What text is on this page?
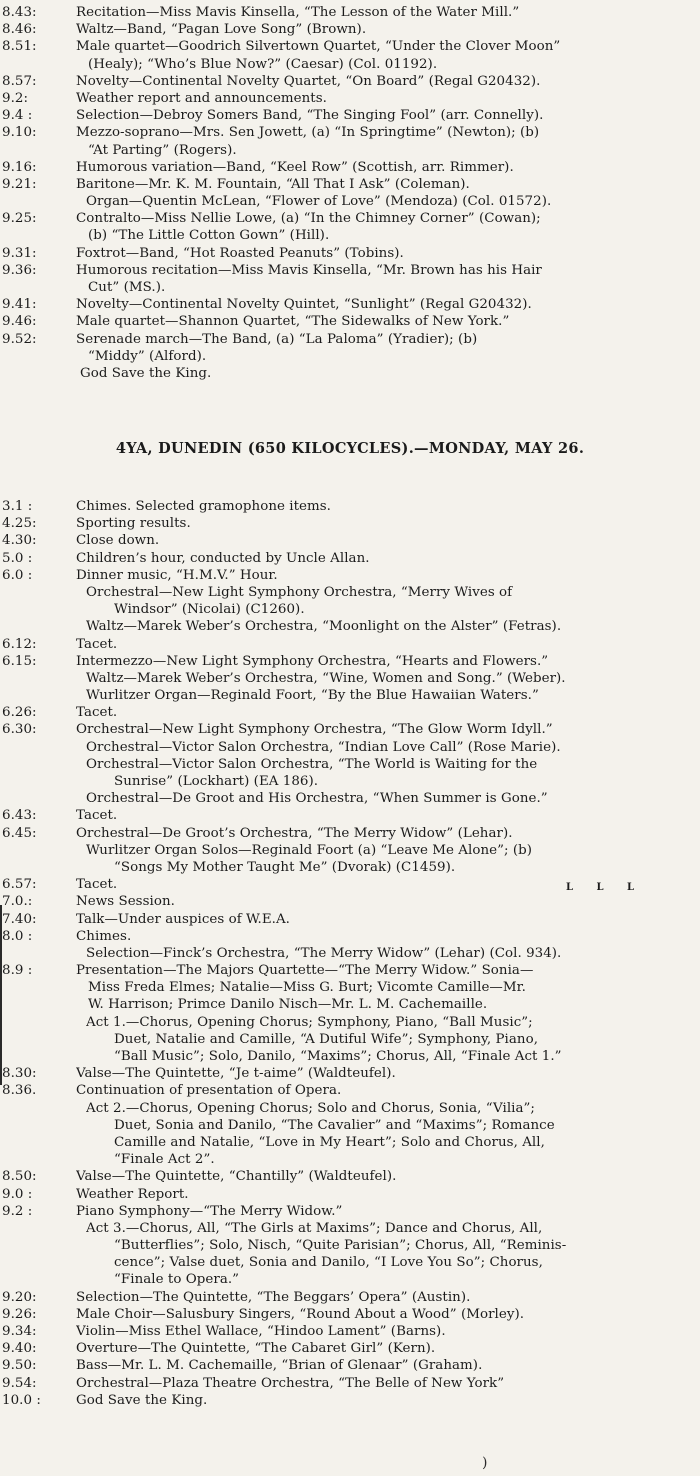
8.43:	Recitation—Miss Mavis Kinsella, “The Lesson of the Water Mill.”
8.46:	Waltz—Band, “Pagan Love Song” (Brown).
8.51:	Male quartet—Goodrich Silvertown Quartet, “Under the Clover Moon”
(Healy); “Who’s Blue Now?” (Caesar) (Col. 01192).
8.57:	Novelty—Continental Novelty Quartet, “On Board” (Regal G20432).
9.2:	Weather report and announcements.
9.4 :	Selection—Debroy Somers Band, “The Singing Fool” (arr. Connelly).
9.10:	Mezzo-soprano—Mrs. Sen Jowett, (a) “In Springtime” (Newton); (b)
“At Parting” (Rogers).
9.16:	Humorous variation—Band, “Keel Row” (Scottish, arr. Rimmer).
9.21:	Baritone—Mr. K. M. Fountain, “All That I Ask” (Coleman).
Organ—Quentin McLean, “Flower of Love” (Mendoza) (Col. 01572).
9.25:	Contralto—Miss Nellie Lowe, (a) “In the Chimney Corner” (Cowan);
(b) “The Little Cotton Gown” (Hill).
9.31:	Foxtrot—Band, “Hot Roasted Peanuts” (Tobins).
9.36:	Humorous recitation—Miss Mavis Kinsella, “Mr. Brown has his Hair
Cut” (MS.).
9.41:	Novelty—Continental Novelty Quintet, “Sunlight” (Regal G20432).
9.46:	Male quartet—Shannon Quartet, “The Sidewalks of New York.”
9.52:	Serenade march—The Band, (a) “La Paloma” (Yradier); (b)
“Middy” (Alford).
God Save the King.
4YA, DUNEDIN (650 KILOCYCLES).—MONDAY, MAY 26.
3.1 :	Chimes. Selected gramophone items.
4.25:	Sporting results.
4.30:	Close down.
5.0 :	Children’s hour, conducted by Uncle Allan.
6.0 :	Dinner music, “H.M.V.” Hour.
Orchestral—New Light Symphony Orchestra, “Merry Wives of
Windsor” (Nicolai) (C1260).
Waltz—Marek Weber’s Orchestra, “Moonlight on the Alster” (Fetras).
6.12:	Tacet.
6.15:	Intermezzo—New Light Symphony Orchestra, “Hearts and Flowers.”
Waltz—Marek Weber’s Orchestra, “Wine, Women and Song.” (Weber).
Wurlitzer Organ—Reginald Foort, “By the Blue Hawaiian Waters.”
6.26:	Tacet.
6.30:	Orchestral—New Light Symphony Orchestra, “The Glow Worm Idyll.”
Orchestral—Victor Salon Orchestra, “Indian Love Call” (Rose Marie).
Orchestral—Victor Salon Orchestra, “The World is Waiting for the
Sunrise” (Lockhart) (EA 186).
Orchestral—De Groot and His Orchestra, “When Summer is Gone.”
6.43:	Tacet.
6.45:	Orchestral—De Groot’s Orchestra, “The Merry Widow” (Lehar).
Wurlitzer Organ Solos—Reginald Foort (a) “Leave Me Alone”; (b)
“Songs My Mother Taught Me” (Dvorak) (C1459).
6.57:	Tacet.
7.0.:	News Session.
7.40:	Talk—Under auspices of W.E.A.
8.0 :	Chimes.
Selection—Finck’s Orchestra, “The Merry Widow” (Lehar) (Col. 934).
8.9 :	Presentation—The Majors Quartette—“The Merry Widow.” Sonia—
Miss Freda Elmes; Natalie—Miss G. Burt; Vicomte Camille—Mr.
W. Harrison; Primce Danilo Nisch—Mr. L. M. Cachemaille.
Act 1.—Chorus, Opening Chorus; Symphony, Piano, “Ball Music”;
Duet, Natalie and Camille, “A Dutiful Wife”; Symphony, Piano,
“Ball Music”; Solo, Danilo, “Maxims”; Chorus, All, “Finale Act 1.”
8.30:	Valse—The Quintette, “Je t-aime” (Waldteufel).
8.36.	Continuation of presentation of Opera.
Act 2.—Chorus, Opening Chorus; Solo and Chorus, Sonia, “Vilia”;
Duet, Sonia and Danilo, “The Cavalier” and “Maxims”; Romance
Camille and Natalie, “Love in My Heart”; Solo and Chorus, All,
“Finale Act 2”.
8.50:	Valse—The Quintette, “Chantilly” (Waldteufel).
9.0 :	Weather Report.
9.2 :	Piano Symphony—“The Merry Widow.”
Act 3.—Chorus, All, “The Girls at Maxims”; Dance and Chorus, All,
“Butterflies”; Solo, Nisch, “Quite Parisian”; Chorus, All, “Reminis-
cence”; Valse duet, Sonia and Danilo, “I Love You So”; Chorus,
“Finale to Opera.”
9.20:	Selection—The Quintette, “The Beggars’ Opera” (Austin).
9.26:	Male Choir—Salusbury Singers, “Round About a Wood” (Morley).
9.34:	Violin—Miss Ethel Wallace, “Hindoo Lament” (Barns).
9.40:	Overture—The Quintette, “The Cabaret Girl” (Kern).
9.50:	Bass—Mr. L. M. Cachemaille, “Brian of Glenaar” (Graham).
9.54:	Orchestral—Plaza Theatre Orchestra, “The Belle of New York”
10.0 :	God Save the King.
L L L
)
